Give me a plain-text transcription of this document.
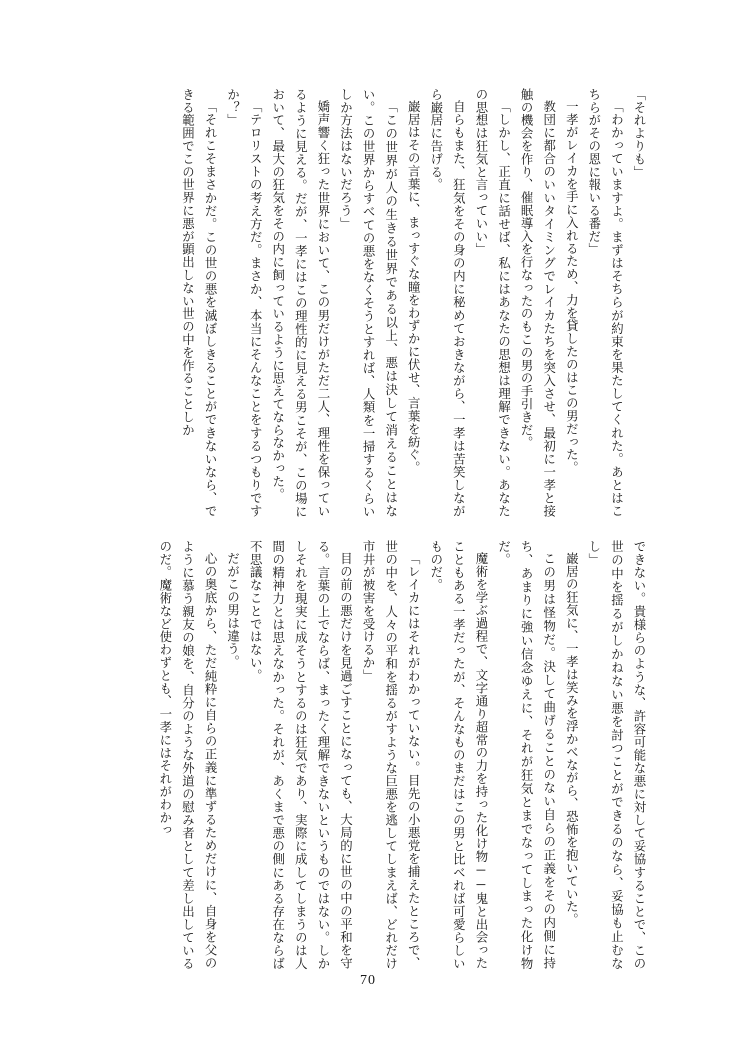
「それよりも」

「わかっていますよ。まずはそちらが約束を果たしてくれた。あとはこちらがその恩に報いる番だ」

一孝がレイカを手に入れるため、力を貸したのはこの男だった。

教団に都合のいいタイミングでレイカたちを突入させ、最初に一孝と接触の機会を作り、催眠導入を行なったのもこの男の手引きだ。

「しかし、正直に話せば、私にはあなたの思想は理解できない。あなたの思想は狂気と言っていい」

自らもまた、狂気をその身の内に秘めておきながら、一孝は苦笑しながら巌居に告げる。

巌居はその言葉に、まっすぐな瞳をわずかに伏せ、言葉を紡ぐ。

「この世界が人の生きる世界である以上、悪は決して消えることはない。この世界からすべての悪をなくそうとすれば、人類を一掃するくらいしか方法はないだろう」

嬌声響く狂った世界において、この男だけがただ二人、理性を保っているように見える。だが、一孝にはこの理性的に見える男こそが、この場において、最大の狂気をその内に飼っているように思えてならなかった。

「テロリストの考え方だ。まさか、本当にそんなことをするつもりですか？」

「それこそまさかだ。この世の悪を滅ぼしきることができないなら、できる範囲でこの世界に悪が顕出しない世の中を作ることしか

できない。貴様らのような、許容可能な悪に対して妥協することで、この世の中を揺るがしかねない悪を討つことができるのなら、妥協も止むなし」

巌居の狂気に、一孝は笑みを浮かべながら、恐怖を抱いていた。

この男は怪物だ。決して曲げることのない自らの正義をその内側に持ち、あまりに強い信念ゆえに、それが狂気とまでなってしまった化け物だ。

魔術を学ぶ過程で、文字通り超常の力を持った化け物──鬼と出会ったこともある一孝だったが、そんなものまだはこの男と比べれば可愛らしいものだ。

「レイカにはそれがわかっていない。目先の小悪党を捕えたところで、世の中を、人々の平和を揺るがすような巨悪を逃してしまえば、どれだけ市井が被害を受けるか」

目の前の悪だけを見過ごすことになっても、大局的に世の中の平和を守る。言葉の上でならば、まったく理解できないというものではない。しかしそれを現実に成そうとするのは狂気であり、実際に成してしまうのは人間の精神力とは思えなかった。それが、あくまで悪の側にある存在ならば不思議なことではない。

だがこの男は違う。

心の奥底から、ただ純粋に自らの正義に準ずるためだけに、自身を父のように慕う親友の娘を、自分のような外道の慰み者として差し出しているのだ。魔術など使わずとも、一孝にはそれがわかっ

70
